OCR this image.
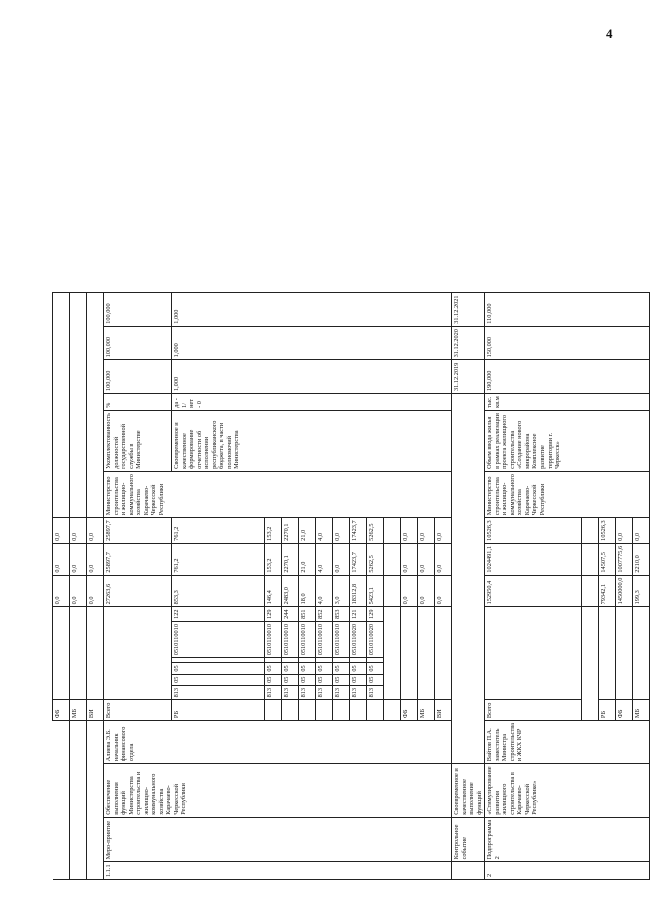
4
				ФБ							0,0	0,0	0,0						
				МБ							0,0	0,0	0,0						
				ВИ							0,0	0,0	0,0						
1.1.1	Меро-приятие	Обеспечение выполнения функций Министерства строительства и жилищно-коммунального хозяйства Карачаево-Черкесской Республики	Алиева Э.Б. начальник финансового отдела	Всего							27263,6	25897,7	25897,7	Министерство строительства и жилищно-коммунального хозяйства Карачаево-Черкесской Республики	Укомплектованность должностей государственной службы в Министерстве	%	100,000	100,000	100,000
				РБ	813	05	05		0510110010	122	853,3	761,2	761,2		Своевременное и качественное формирование отчетности об исполнении республиканского бюджета, в части полномочий Министерства	да - 1/нет - 0	1,000	1,000	1,000
					813	05	05		0510110010	129	146,4	153,2	153,2						
					813	05	05		0510110010	244	2483,0	2270,1	2270,1						
					813	05	05		0510110010	851	18,0	21,0	21,0						
					813	05	05		0510110010	852	4,0	4,0	4,0						
					813	05	05		0510110010	853	3,0	0,0	0,0						
					813	05	05		0510110020	121	18312,8	17423,7	17423,7						
					813	05	05		0510110020	129	5423,1	5262,5	5262,5						

				ФБ							0,0	0,0	0,0						
				МБ							0,0	0,0	0,0						
				ВИ							0,0	0,0	0,0						
	Контрольное событие	Своевременное и качественное выполнение функций															31.12.2019	31.12.2020	31.12.2021
2	Подпрограмма 2	«Стимулирование развития жилищного строительства в Карачаево-Черкесской Республике»	Вайтов П.А. заместитель Министра строительства и ЖКХ КЧР	Всего							152950,4	1024491,1	10526,3	Министерство строительства и жилищно-коммунального хозяйства Карачаево-Черкесской Республики	Объем ввода жилья в рамках реализации проекта жилищного строительства «Создание нового микрорайона Комплексное развитие территории г. Черкесск»	тыс. кв.м	190,000	150,000	110,000

				РБ							79342,1	14507,5	10526,3						
				ФБ							1450000,0	1007775,6	0,0						
				МБ							199,3	2210,0	0,0						
